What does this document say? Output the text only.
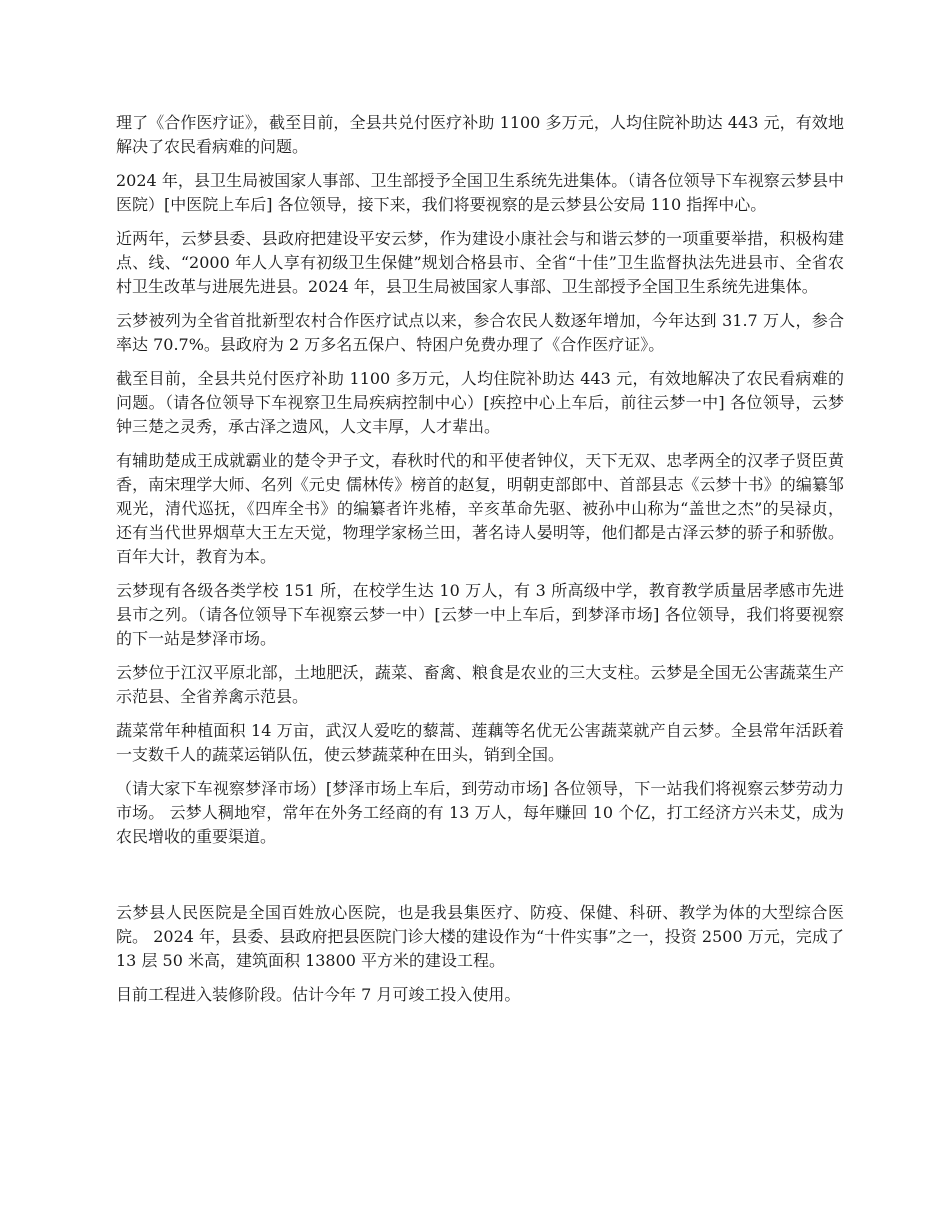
理了《合作医疗证》，截至目前，全县共兑付医疗补助 1100 多万元，人均住院补助达 443 元，有效地解决了农民看病难的问题。

2024 年，县卫生局被国家人事部、卫生部授予全国卫生系统先进集体。（请各位领导下车视察云梦县中医院）[中医院上车后] 各位领导，接下来，我们将要视察的是云梦县公安局 110 指挥中心。

近两年，云梦县委、县政府把建设平安云梦，作为建设小康社会与和谐云梦的一项重要举措，积极构建点、线、“2000 年人人享有初级卫生保健”规划合格县市、全省“十佳”卫生监督执法先进县市、全省农村卫生改革与进展先进县。2024 年，县卫生局被国家人事部、卫生部授予全国卫生系统先进集体。

云梦被列为全省首批新型农村合作医疗试点以来，参合农民人数逐年增加，今年达到 31.7 万人，参合率达 70.7%。县政府为 2 万多名五保户、特困户免费办理了《合作医疗证》。

截至目前，全县共兑付医疗补助 1100 多万元，人均住院补助达 443 元，有效地解决了农民看病难的问题。（请各位领导下车视察卫生局疾病控制中心）[疾控中心上车后，前往云梦一中] 各位领导，云梦钟三楚之灵秀，承古泽之遗风，人文丰厚，人才辈出。

有辅助楚成王成就霸业的楚令尹子文，春秋时代的和平使者钟仪，天下无双、忠孝两全的汉孝子贤臣黄香，南宋理学大师、名列《元史 儒林传》榜首的赵复，明朝吏部郎中、首部县志《云梦十书》的编纂邹观光，清代巡抚，《四库全书》的编纂者许兆椿，辛亥革命先驱、被孙中山称为“盖世之杰”的吴禄贞，还有当代世界烟草大王左天觉，物理学家杨兰田，著名诗人晏明等，他们都是古泽云梦的骄子和骄傲。 百年大计，教育为本。

云梦现有各级各类学校 151 所，在校学生达 10 万人，有 3 所高级中学，教育教学质量居孝感市先进县市之列。（请各位领导下车视察云梦一中）[云梦一中上车后，到梦泽市场] 各位领导，我们将要视察的下一站是梦泽市场。

云梦位于江汉平原北部，土地肥沃，蔬菜、畜禽、粮食是农业的三大支柱。云梦是全国无公害蔬菜生产示范县、全省养禽示范县。

蔬菜常年种植面积 14 万亩，武汉人爱吃的藜蒿、莲藕等名优无公害蔬菜就产自云梦。全县常年活跃着一支数千人的蔬菜运销队伍，使云梦蔬菜种在田头，销到全国。

（请大家下车视察梦泽市场）[梦泽市场上车后，到劳动市场] 各位领导，下一站我们将视察云梦劳动力市场。 云梦人稠地窄，常年在外务工经商的有 13 万人，每年赚回 10 个亿，打工经济方兴未艾，成为农民增收的重要渠道。

云梦县人民医院是全国百姓放心医院，也是我县集医疗、防疫、保健、科研、教学为体的大型综合医院。 2024 年，县委、县政府把县医院门诊大楼的建设作为“十件实事”之一，投资 2500 万元，完成了 13 层 50 米高，建筑面积 13800 平方米的建设工程。

目前工程进入装修阶段。估计今年 7 月可竣工投入使用。
